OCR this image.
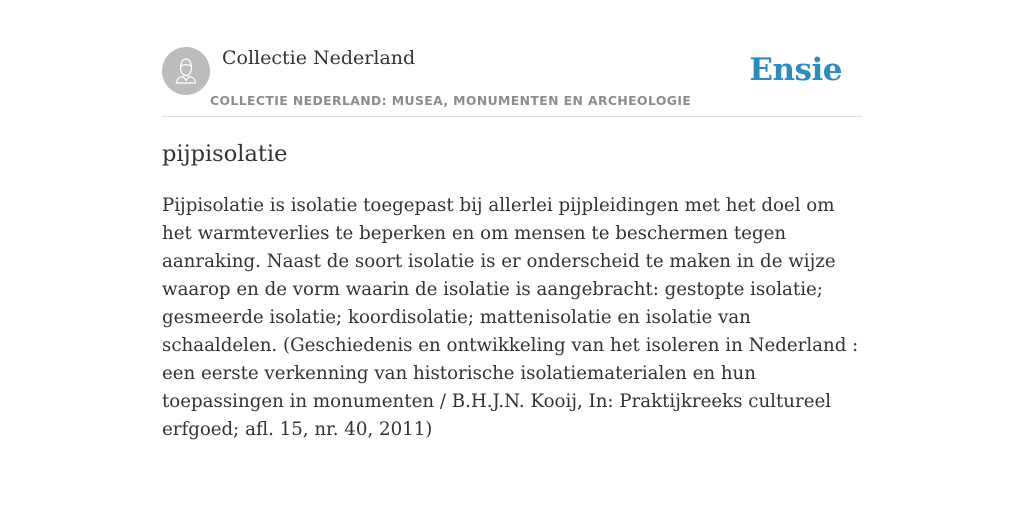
Collectie Nederland
COLLECTIE NEDERLAND: MUSEA, MONUMENTEN EN ARCHEOLOGIE
Ensie
pijpisolatie

Pijpisolatie is isolatie toegepast bij allerlei pijpleidingen met het doel om het warmteverlies te beperken en om mensen te beschermen tegen aanraking. Naast de soort isolatie is er onderscheid te maken in de wijze waarop en de vorm waarin de isolatie is aangebracht: gestopte isolatie; gesmeerde isolatie; koordisolatie; mattenisolatie en isolatie van schaaldelen. (Geschiedenis en ontwikkeling van het isoleren in Nederland : een eerste verkenning van historische isolatiematerialen en hun toepassingen in monumenten / B.H.J.N. Kooij, In: Praktijkreeks cultureel erfgoed; afl. 15, nr. 40, 2011)
